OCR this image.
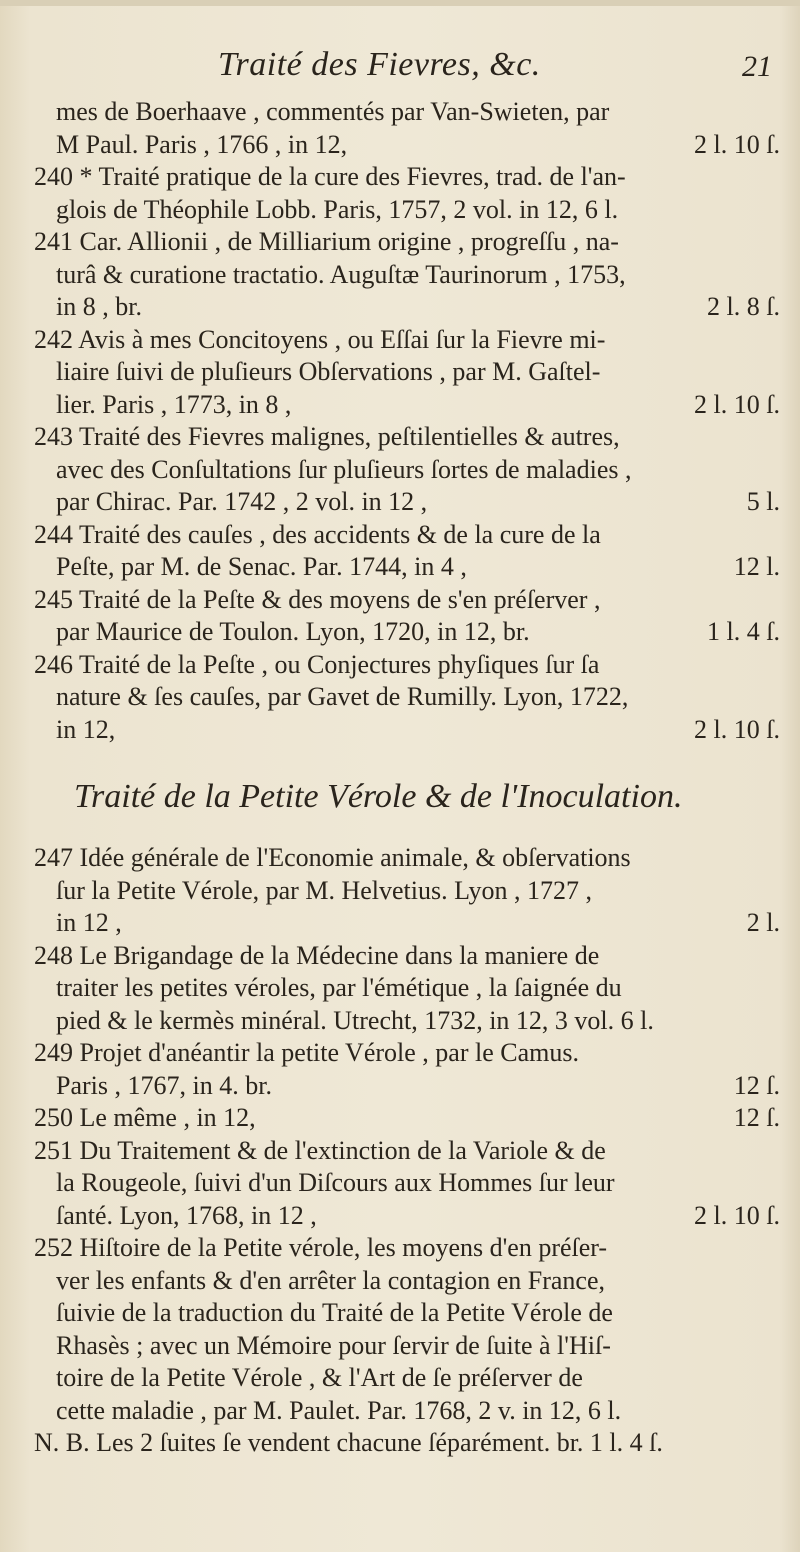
Traité des Fievres, &c.	21
mes de Boerhaave , commentés par Van-Swieten, par
M Paul. Paris , 1766 , in 12,	2 l. 10 ſ.
240 * Traité pratique de la cure des Fievres, trad. de l'an-
glois de Théophile Lobb. Paris, 1757, 2 vol. in 12, 6 l.
241 Car. Allionii , de Milliarium origine , progreſſu , na-
turâ & curatione tractatio. Auguſtæ Taurinorum , 1753,
in 8 , br.	2 l. 8 ſ.
242 Avis à mes Concitoyens , ou Eſſai ſur la Fievre mi-
liaire ſuivi de pluſieurs Obſervations , par M. Gaſtel-
lier. Paris , 1773, in 8 ,	2 l. 10 ſ.
243 Traité des Fievres malignes, peſtilentielles & autres,
avec des Conſultations ſur pluſieurs ſortes de maladies ,
par Chirac. Par. 1742 , 2 vol. in 12 ,	5 l.
244 Traité des cauſes , des accidents & de la cure de la
Peſte, par M. de Senac. Par. 1744, in 4 ,	12 l.
245 Traité de la Peſte & des moyens de s'en préſerver ,
par Maurice de Toulon. Lyon, 1720, in 12, br.	1 l. 4 ſ.
246 Traité de la Peſte , ou Conjectures phyſiques ſur ſa
nature & ſes cauſes, par Gavet de Rumilly. Lyon, 1722,
in 12,	2 l. 10 ſ.
Traité de la Petite Vérole & de l'Inoculation.
247 Idée générale de l'Economie animale, & obſervations
ſur la Petite Vérole, par M. Helvetius. Lyon , 1727 ,
in 12 ,	2 l.
248 Le Brigandage de la Médecine dans la maniere de
traiter les petites véroles, par l'émétique , la ſaignée du
pied & le kermès minéral. Utrecht, 1732, in 12, 3 vol. 6 l.
249 Projet d'anéantir la petite Vérole , par le Camus.
Paris , 1767, in 4. br.	12 ſ.
250 Le même , in 12,	12 ſ.
251 Du Traitement & de l'extinction de la Variole & de
la Rougeole, ſuivi d'un Diſcours aux Hommes ſur leur
ſanté. Lyon, 1768, in 12 ,	2 l. 10 ſ.
252 Hiſtoire de la Petite vérole, les moyens d'en préſer-
ver les enfants & d'en arrêter la contagion en France,
ſuivie de la traduction du Traité de la Petite Vérole de
Rhasès ; avec un Mémoire pour ſervir de ſuite à l'Hiſ-
toire de la Petite Vérole , & l'Art de ſe préſerver de
cette maladie , par M. Paulet. Par. 1768, 2 v. in 12, 6 l.
N. B. Les 2 ſuites ſe vendent chacune ſéparément. br. 1 l. 4 ſ.
